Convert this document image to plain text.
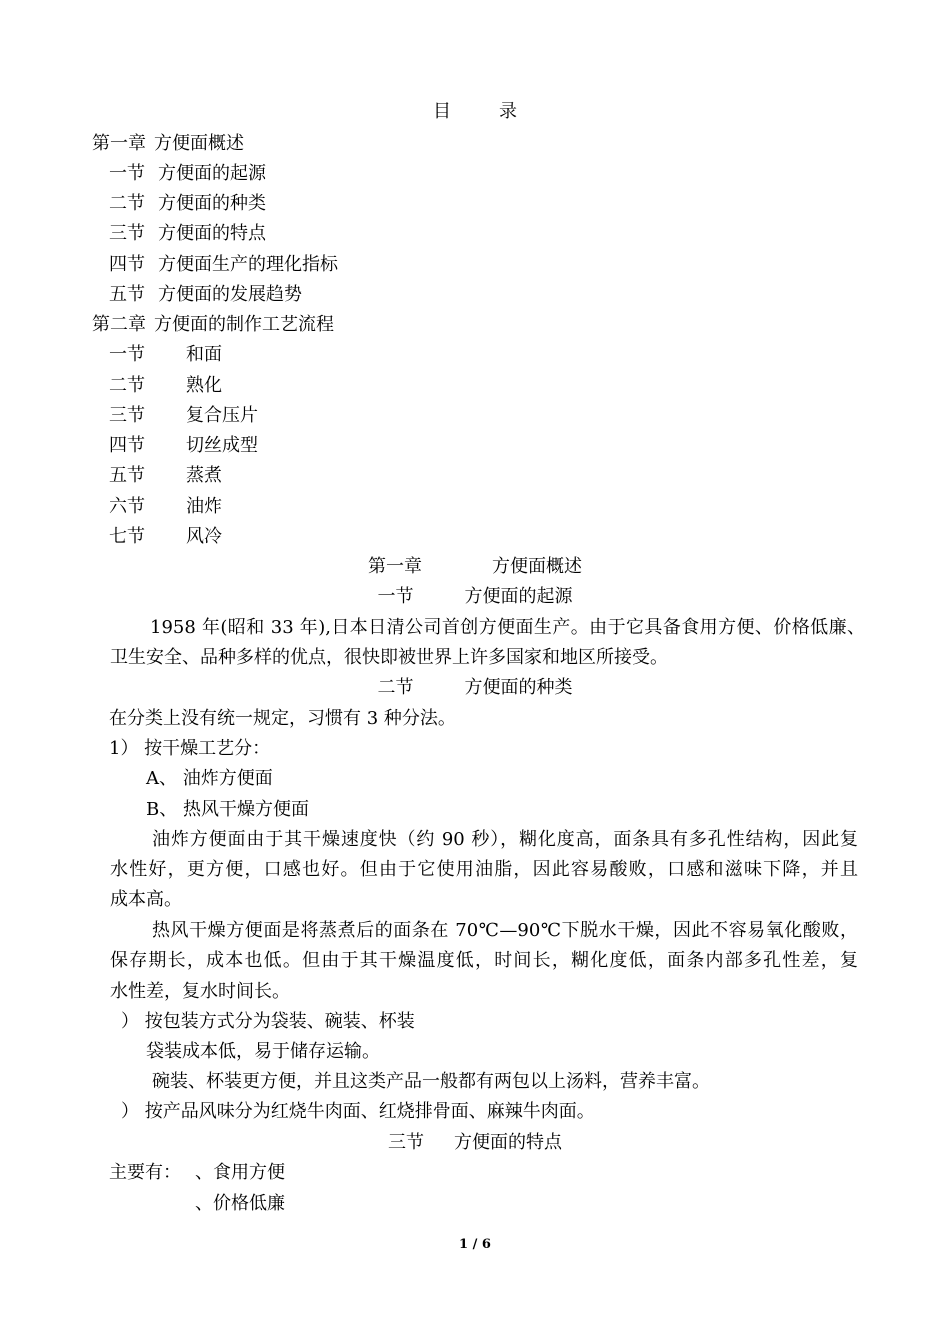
目	录
第一章 方便面概述
一节 方便面的起源
二节 方便面的种类
三节 方便面的特点
四节 方便面生产的理化指标
五节 方便面的发展趋势
第二章 方便面的制作工艺流程
一节 和面
二节 熟化
三节 复合压片
四节 切丝成型
五节 蒸煮
六节 油炸
七节 风冷
第一章	方便面概述
一节	方便面的起源
1958 年(昭和 33 年),日本日清公司首创方便面生产。由于它具备食用方便、价格低廉、
卫生安全、品种多样的优点，很快即被世界上许多国家和地区所接受。
二节	方便面的种类
在分类上没有统一规定，习惯有 3 种分法。
1） 按干燥工艺分：
A、 油炸方便面
B、 热风干燥方便面
油炸方便面由于其干燥速度快（约 90 秒），糊化度高，面条具有多孔性结构，因此复
水性好，更方便，口感也好。但由于它使用油脂，因此容易酸败，口感和滋味下降，并且
成本高。
热风干燥方便面是将蒸煮后的面条在 70℃—90℃下脱水干燥，因此不容易氧化酸败，
保存期长，成本也低。但由于其干燥温度低，时间长，糊化度低，面条内部多孔性差，复
水性差，复水时间长。
） 按包装方式分为袋装、碗装、杯装
袋装成本低，易于储存运输。
碗装、杯装更方便，并且这类产品一般都有两包以上汤料，营养丰富。
） 按产品风味分为红烧牛肉面、红烧排骨面、麻辣牛肉面。
三节 方便面的特点
主要有： 、食用方便
、价格低廉
1 / 6
